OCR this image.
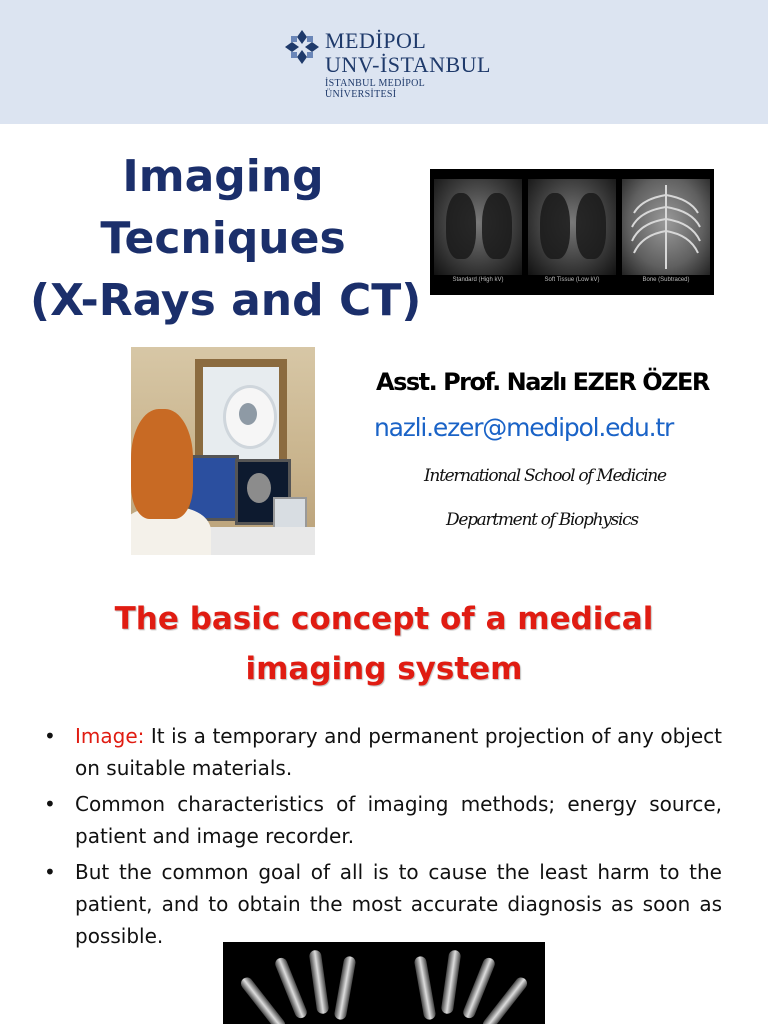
MEDİPOL
UNV-İSTANBUL
İSTANBUL MEDİPOL ÜNİVERSİTESİ
Imaging
Tecniques
(X-Rays and CT)	Standard (High kV)	Soft Tissue (Low kV)	Bone (Subtraced)
Asst. Prof. Nazlı EZER ÖZER
nazli.ezer@medipol.edu.tr
International School of Medicine
Department of Biophysics
The basic concept of a medical
imaging system
• Image: It is a temporary and permanent projection of any object on suitable materials.
• Common characteristics of imaging methods; energy source, patient and image recorder.
• But the common goal of all is to cause the least harm to the patient, and to obtain the most accurate diagnosis as soon as possible.
